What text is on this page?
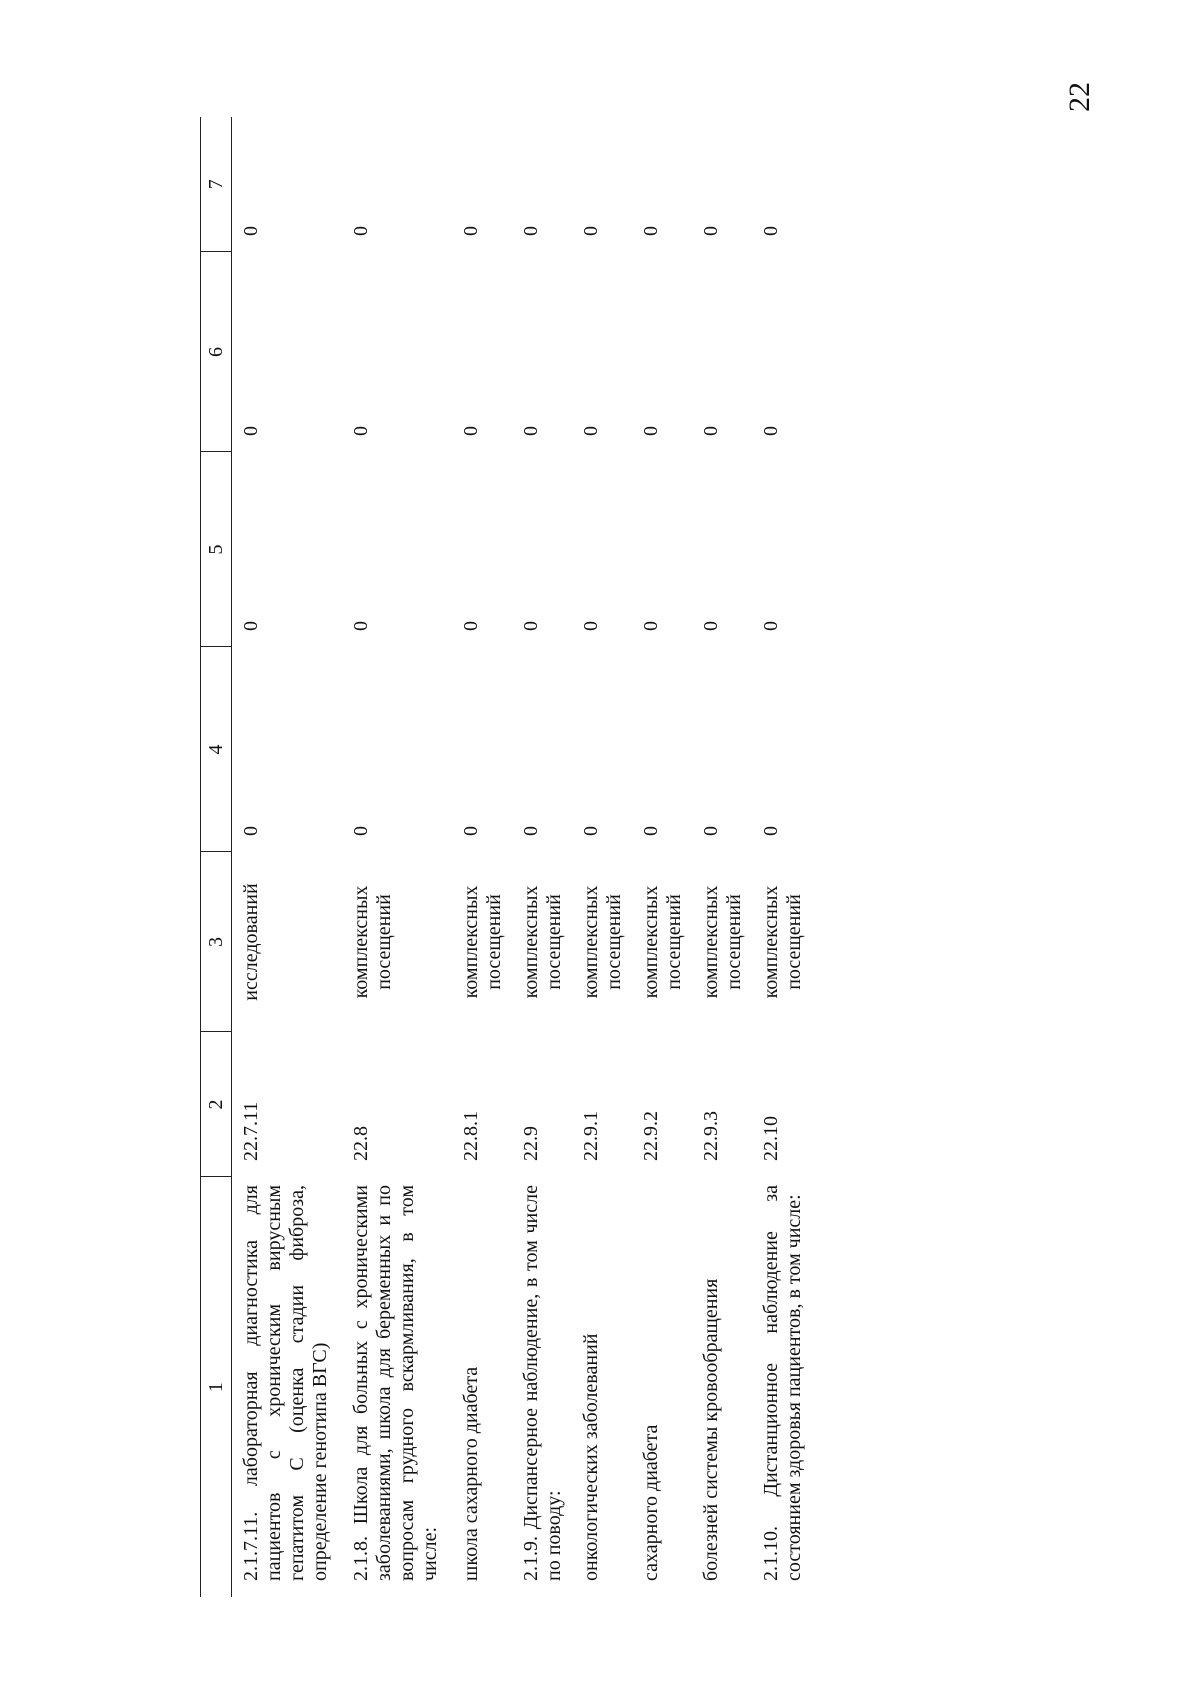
22
1	2	3	4	5	6	7
2.1.7.11. лабораторная диагностика для пациентов с хроническим вирусным гепатитом С (оценка стадии фиброза, определение генотипа ВГС)	22.7.11	исследований	0	0	0	0
2.1.8. Школа для больных с хроническими заболеваниями, школа для беременных и по вопросам грудного вскармливания, в том числе:	22.8	комплексных посещений	0	0	0	0
школа сахарного диабета	22.8.1	комплексных посещений	0	0	0	0
2.1.9. Диспансерное наблюдение, в том числе по поводу:	22.9	комплексных посещений	0	0	0	0
онкологических заболеваний	22.9.1	комплексных посещений	0	0	0	0
сахарного диабета	22.9.2	комплексных посещений	0	0	0	0
болезней системы кровообращения	22.9.3	комплексных посещений	0	0	0	0
2.1.10. Дистанционное наблюдение за состоянием здоровья пациентов, в том числе:	22.10	комплексных посещений	0	0	0	0
